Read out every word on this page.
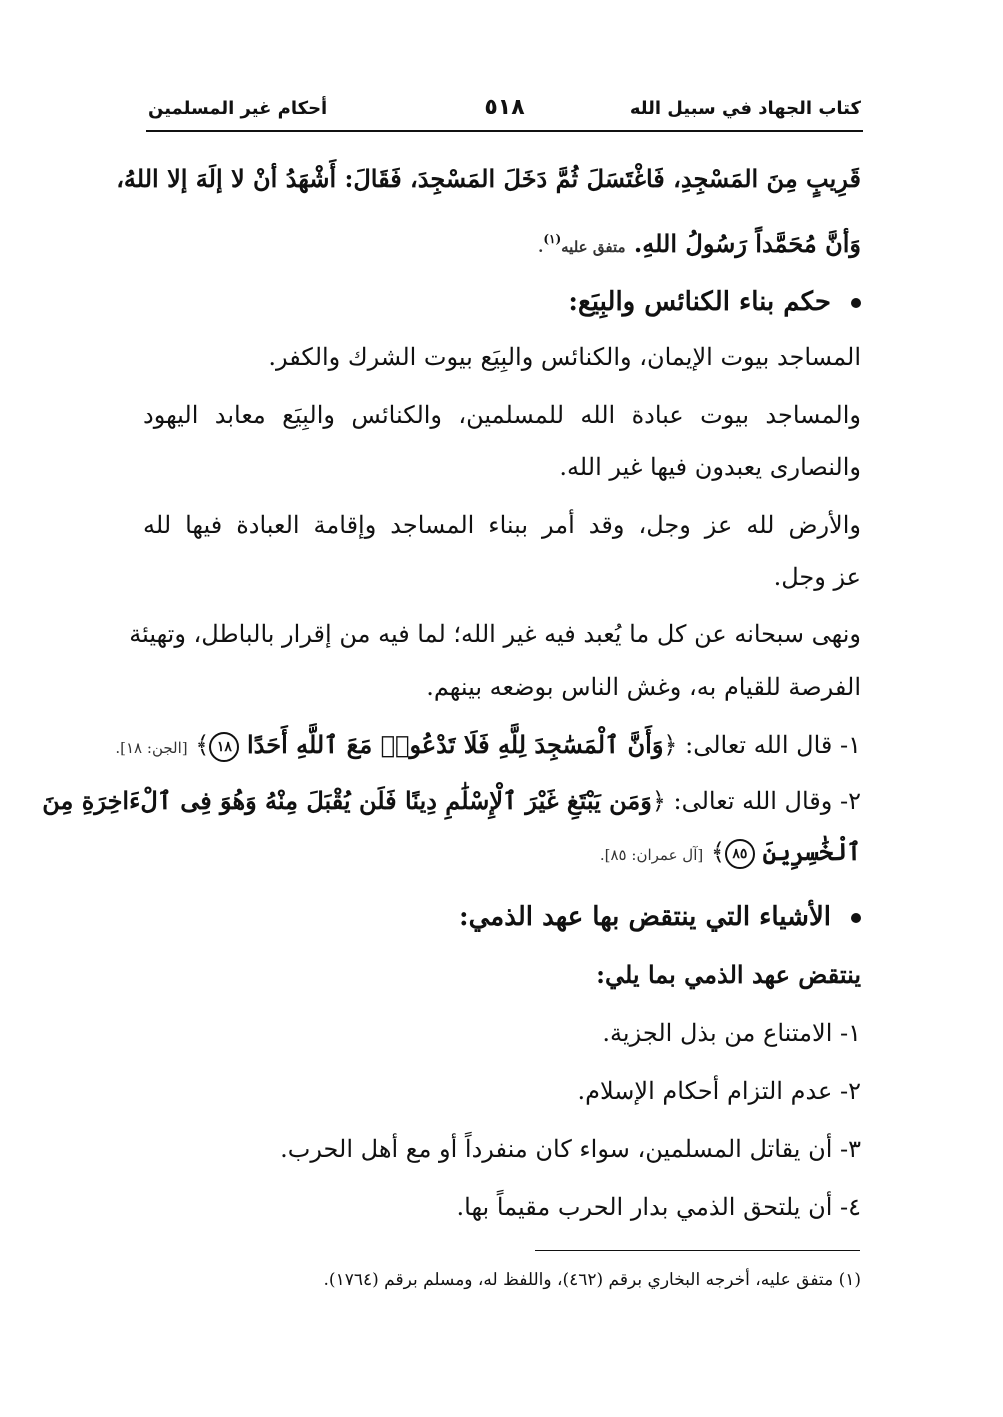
كتاب الجهاد في سبيل الله
٥١٨
أحكام غير المسلمين
قَرِيبٍ مِنَ المَسْجِدِ، فَاغْتَسَلَ ثُمَّ دَخَلَ المَسْجِدَ، فَقَالَ: أَشْهَدُ أنْ لا إلَهَ إلا اللهُ،
وَأنَّ مُحَمَّداً رَسُولُ اللهِ. متفق عليه$^{(١)}$.
حكم بناء الكنائس والبِيَع:
المساجد بيوت الإيمان، والكنائس والبِيَع بيوت الشرك والكفر.
والمساجد بيوت عبادة الله للمسلمين، والكنائس والبِيَع معابد اليهود
والنصارى يعبدون فيها غير الله.
والأرض لله عز وجل، وقد أمر ببناء المساجد وإقامة العبادة فيها لله
عز وجل.
ونهى سبحانه عن كل ما يُعبد فيه غير الله؛ لما فيه من إقرار بالباطل، وتهيئة
الفرصة للقيام به، وغش الناس بوضعه بينهم.
١- قال الله تعالى: ﴿وَأَنَّ ٱلْمَسَٰجِدَ لِلَّهِ فَلَا تَدْعُوا۟ مَعَ ٱللَّهِ أَحَدًا ١٨﴾ [الجن: ١٨].
٢- وقال الله تعالى: ﴿وَمَن يَبْتَغِ غَيْرَ ٱلْإِسْلَٰمِ دِينًا فَلَن يُقْبَلَ مِنْهُ وَهُوَ فِى ٱلْءَاخِرَةِ مِنَ
ٱلْخَٰسِرِينَ ٨٥﴾ [آل عمران: ٨٥].
الأشياء التي ينتقض بها عهد الذمي:
ينتقض عهد الذمي بما يلي:
١- الامتناع من بذل الجزية.
٢- عدم التزام أحكام الإسلام.
٣- أن يقاتل المسلمين، سواء كان منفرداً أو مع أهل الحرب.
٤- أن يلتحق الذمي بدار الحرب مقيماً بها.
(١) متفق عليه، أخرجه البخاري برقم (٤٦٢)، واللفظ له، ومسلم برقم (١٧٦٤).
